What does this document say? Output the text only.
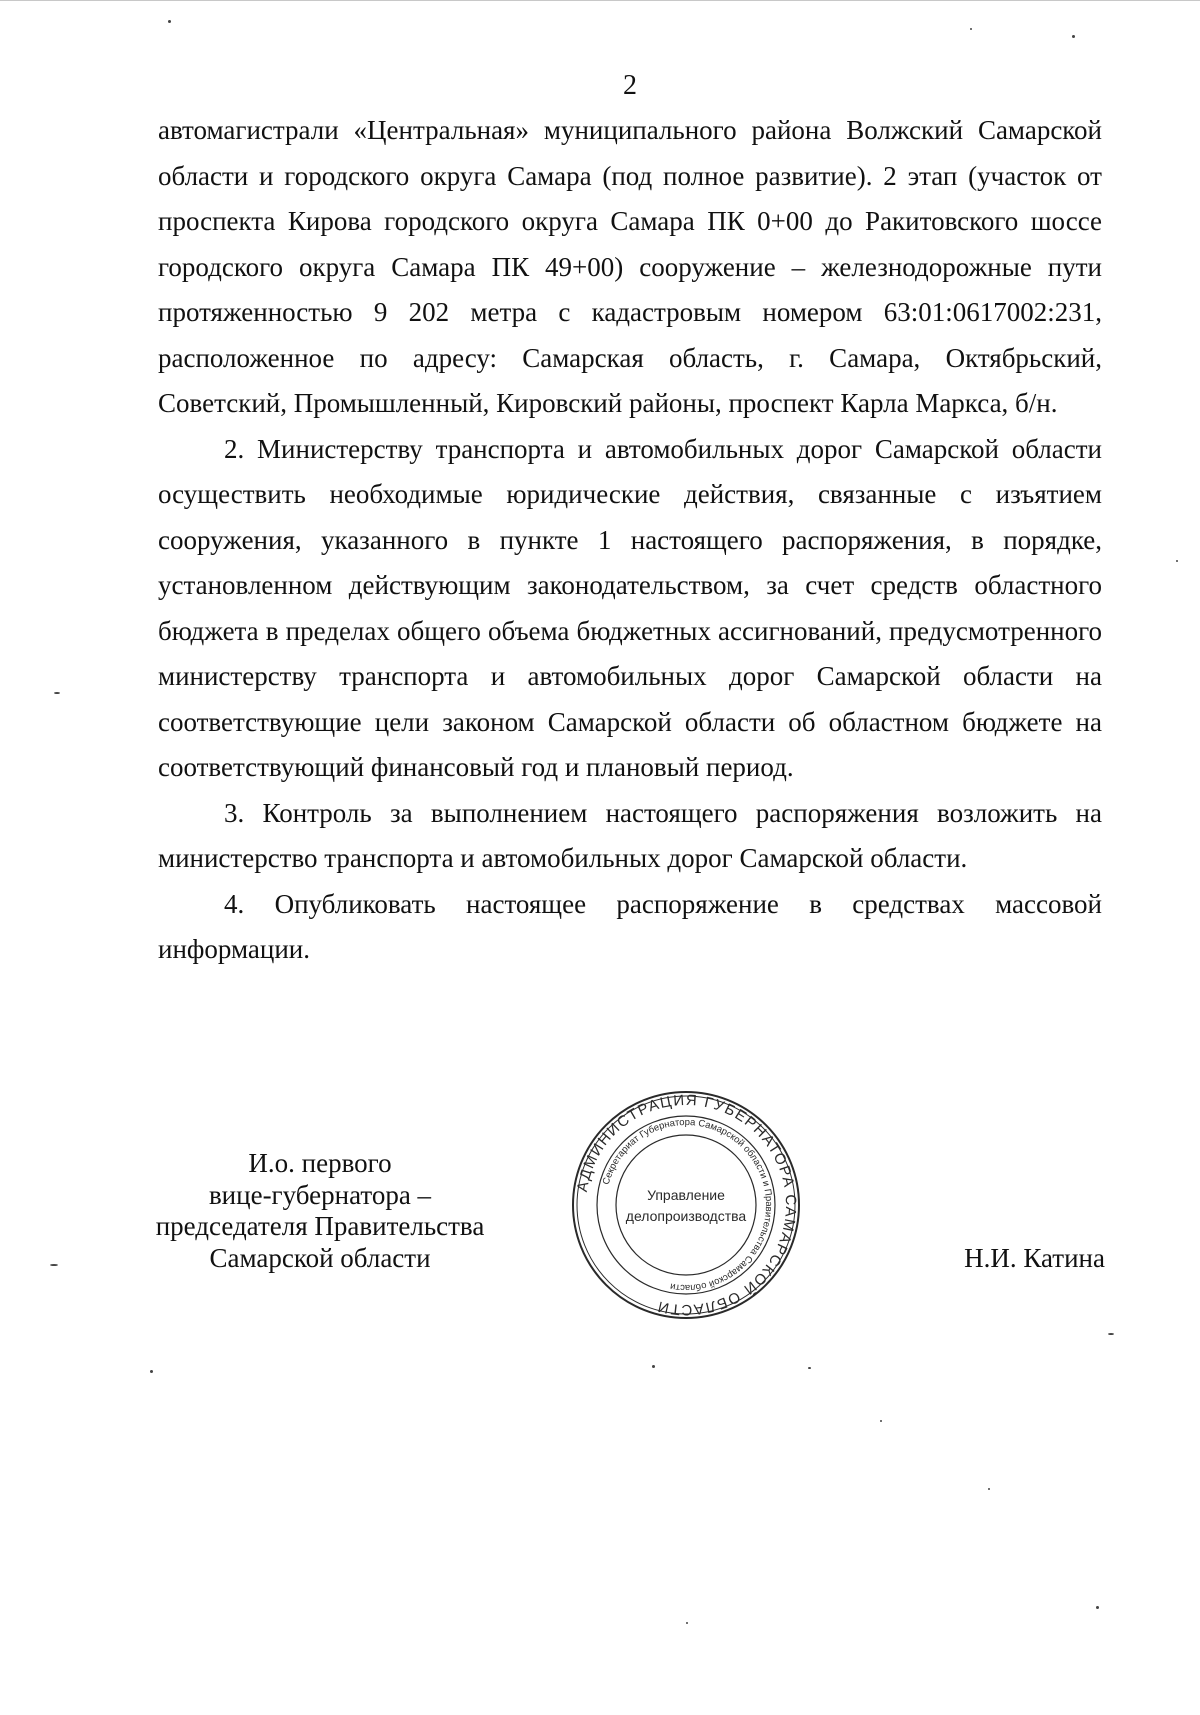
2

автомагистрали «Центральная» муниципального района Волжский Самарской области и городского округа Самара (под полное развитие). 2 этап (участок от проспекта Кирова городского округа Самара ПК 0+00 до Ракитовского шоссе городского округа Самара ПК 49+00) сооружение – железнодорожные пути протяженностью 9 202 метра с кадастровым номером 63:01:0617002:231, расположенное по адресу: Самарская область, г. Самара, Октябрьский, Советский, Промышленный, Кировский районы, проспект Карла Маркса, б/н.

2. Министерству транспорта и автомобильных дорог Самарской области осуществить необходимые юридические действия, связанные с изъятием сооружения, указанного в пункте 1 настоящего распоряжения, в порядке, установленном действующим законодательством, за счет средств областного бюджета в пределах общего объема бюджетных ассигнований, предусмотренного министерству транспорта и автомобильных дорог Самарской области на соответствующие цели законом Самарской области об областном бюджете на соответствующий финансовый год и плановый период.

3. Контроль за выполнением настоящего распоряжения возложить на министерство транспорта и автомобильных дорог Самарской области.

4. Опубликовать настоящее распоряжение в средствах массовой информации.

И.о. первого
вице-губернатора –
председателя Правительства
Самарской области
АДМИНИСТРАЦИЯ ГУБЕРНАТОРА САМАРСКОЙ ОБЛАСТИ
Секретариат Губернатора Самарской области и Правительства Самарской области
Управление
делопроизводства
Н.И. Катина
